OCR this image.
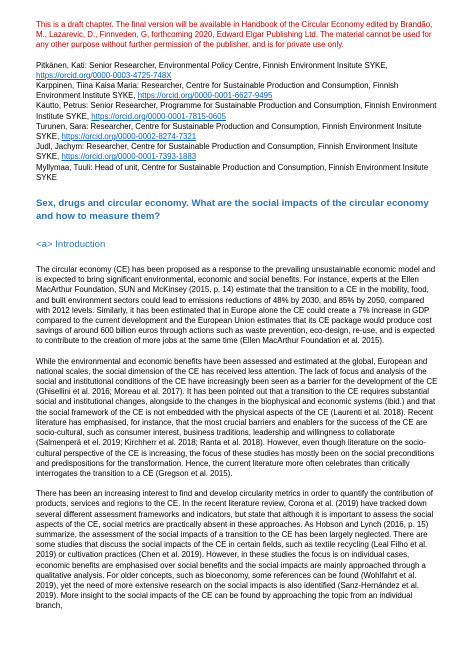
This is a draft chapter. The final version will be available in Handbook of the Circular Economy edited by Brandão, M., Lazarevic, D., Finnveden, G, forthcoming 2020, Edward Elgar Publishing Ltd. The material cannot be used for any other purpose without further permission of the publisher, and is for private use only.

Pitkänen, Kati: Senior Researcher, Environmental Policy Centre, Finnish Environment Insitute SYKE,
https://orcid.org/0000-0003-4725-748X
Karppinen, Tiina Kaisa Maria: Researcher, Centre for Sustainable Production and Consumption, Finnish Environment Institute SYKE, https://orcid.org/0000-0001-6627-9495
Kautto, Petrus: Senior Researcher, Programme for Sustainable Production and Consumption, Finnish Environment Institute SYKE, https://orcid.org/0000-0001-7815-0605
Turunen, Sara: Researcher, Centre for Sustainable Production and Consumption, Finnish Environment Insitute SYKE, https://orcid.org/0000-0002-8274-7321
Judl, Jachym: Researcher, Centre for Sustainable Production and Consumption, Finnish Environment Insitute SYKE, https://orcid.org/0000-0001-7393-1883
Myllymaa, Tuuli: Head of unit, Centre for Sustainable Production and Consumption, Finnish Environment Insitute SYKE

Sex, drugs and circular economy. What are the social impacts of the circular economy and how to measure them?

<a> Introduction

The circular economy (CE) has been proposed as a response to the prevailing unsustainable economic model and is expected to bring significant environmental, economic and social benefits. For instance, experts at the Ellen MacArthur Foundation, SUN and McKinsey (2015, p. 14) estimate that the transition to a CE in the mobility, food, and built environment sectors could lead to emissions reductions of 48% by 2030, and 85% by 2050, compared with 2012 levels. Similarly, it has been estimated that in Europe alone the CE could create a 7% increase in GDP compared to the current development and the European Union estimates that its CE package would produce cost savings of around 600 billion euros through actions such as waste prevention, eco-design, re-use, and is expected to contribute to the creation of more jobs at the same time (Ellen MacArthur Foundation et al. 2015).

While the environmental and economic benefits have been assessed and estimated at the global, European and national scales, the social dimension of the CE has received less attention. The lack of focus and analysis of the social and institutional conditions of the CE have increasingly been seen as a barrier for the development of the CE (Ghisellini et al. 2016; Moreau et al. 2017). It has been pointed out that a transition to the CE requires substantial social and institutional changes, alongside to the changes in the biophysical and economic systems (ibid.) and that the social framework of the CE is not embedded with the physical aspects of the CE (Laurenti et al. 2018). Recent literature has emphasised, for instance, that the most crucial barriers and enablers for the success of the CE are socio-cultural, such as consumer interest, business traditions, leadership and willingness to collaborate (Salmenperä et el. 2019; Kirchherr et al. 2018; Ranta et al. 2018). However, even though literature on the socio-cultural perspective of the CE is increasing, the focus of these studies has mostly been on the social preconditions and predispositions for the transformation. Hence, the current literature more often celebrates than critically interrogates the transition to a CE (Gregson et al. 2015).

There has been an increasing interest to find and develop circularity metrics in order to quantify the contribution of products, services and regions to the CE. In the recent literature review, Corona et al. (2019) have tracked down several different assessment frameworks and indicators, but state that although it is important to assess the social aspects of the CE, social metrics are practically absent in these approaches. As Hobson and Lynch (2016, p. 15) summarize, the assessment of the social impacts of a transition to the CE has been largely neglected. There are some studies that discuss the social impacts of the CE in certain fields, such as textile recycling (Leal Filho et al. 2019) or cultivation practices (Chen et al. 2019). However, in these studies the focus is on individual cases, economic benefits are emphasised over social benefits and the social impacts are mainly approached through a qualitative analysis. For older concepts, such as bioeconomy, some references can be found (Wohlfahrt et al. 2019), yet the need of more extensive research on the social impacts is also identified (Sanz-Hernández et al. 2019). More insight to the social impacts of the CE can be found by approaching the topic from an individual branch,
